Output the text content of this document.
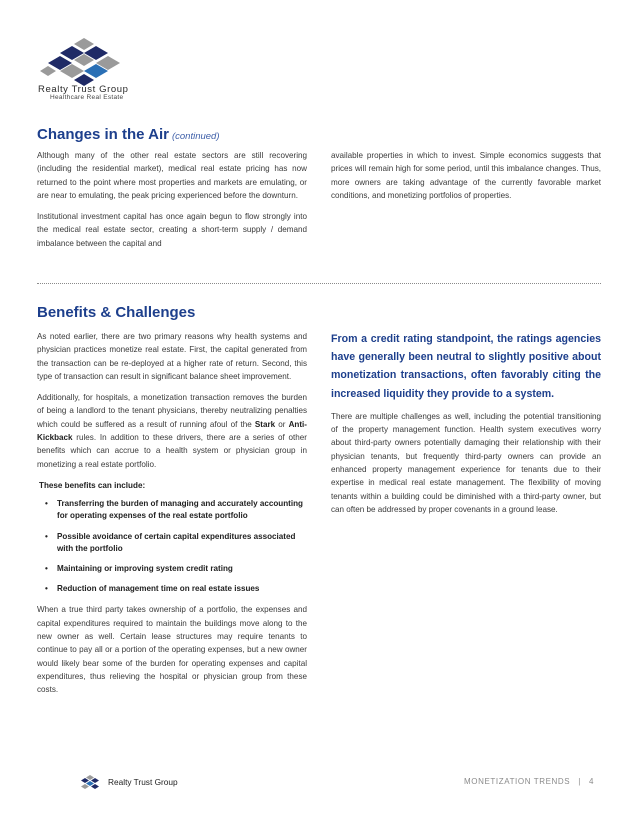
Realty Trust Group
Healthcare Real Estate
Changes in the Air (continued)

Although many of the other real estate sectors are still recovering (including the residential market), medical real estate pricing has now returned to the point where most properties and markets are emulating, or are near to emulating, the peak pricing experienced before the downturn.

Institutional investment capital has once again begun to flow strongly into the medical real estate sector, creating a short-term supply / demand imbalance between the capital and

available properties in which to invest. Simple economics suggests that prices will remain high for some period, until this imbalance changes. Thus, more owners are taking advantage of the currently favorable market conditions, and monetizing portfolios of properties.

Benefits & Challenges

As noted earlier, there are two primary reasons why health systems and physician practices monetize real estate. First, the capital generated from the transaction can be re-deployed at a higher rate of return. Second, this type of transaction can result in significant balance sheet improvement.

Additionally, for hospitals, a monetization transaction removes the burden of being a landlord to the tenant physicians, thereby neutralizing penalties which could be suffered as a result of running afoul of the Stark or Anti-Kickback rules. In addition to these drivers, there are a series of other benefits which can accrue to a health system or physician group in monetizing a real estate portfolio.

These benefits can include:

• Transferring the burden of managing and accurately accounting for operating expenses of the real estate portfolio
• Possible avoidance of certain capital expenditures associated with the portfolio
• Maintaining or improving system credit rating
• Reduction of management time on real estate issues

When a true third party takes ownership of a portfolio, the expenses and capital expenditures required to maintain the buildings move along to the new owner as well. Certain lease structures may require tenants to continue to pay all or a portion of the operating expenses, but a new owner would likely bear some of the burden for operating expenses and capital expenditures, thus relieving the hospital or physician group from these costs.

From a credit rating standpoint, the ratings agencies have generally been neutral to slightly positive about monetization transactions, often favorably citing the increased liquidity they provide to a system.

There are multiple challenges as well, including the potential transitioning of the property management function. Health system executives worry about third-party owners potentially damaging their relationship with their physician tenants, but frequently third-party owners can provide an enhanced property management experience for tenants due to their expertise in medical real estate management. The flexibility of moving tenants within a building could be diminished with a third-party owner, but can often be addressed by proper covenants in a ground lease.

Realty Trust Group	MONETIZATION TRENDS | 4
